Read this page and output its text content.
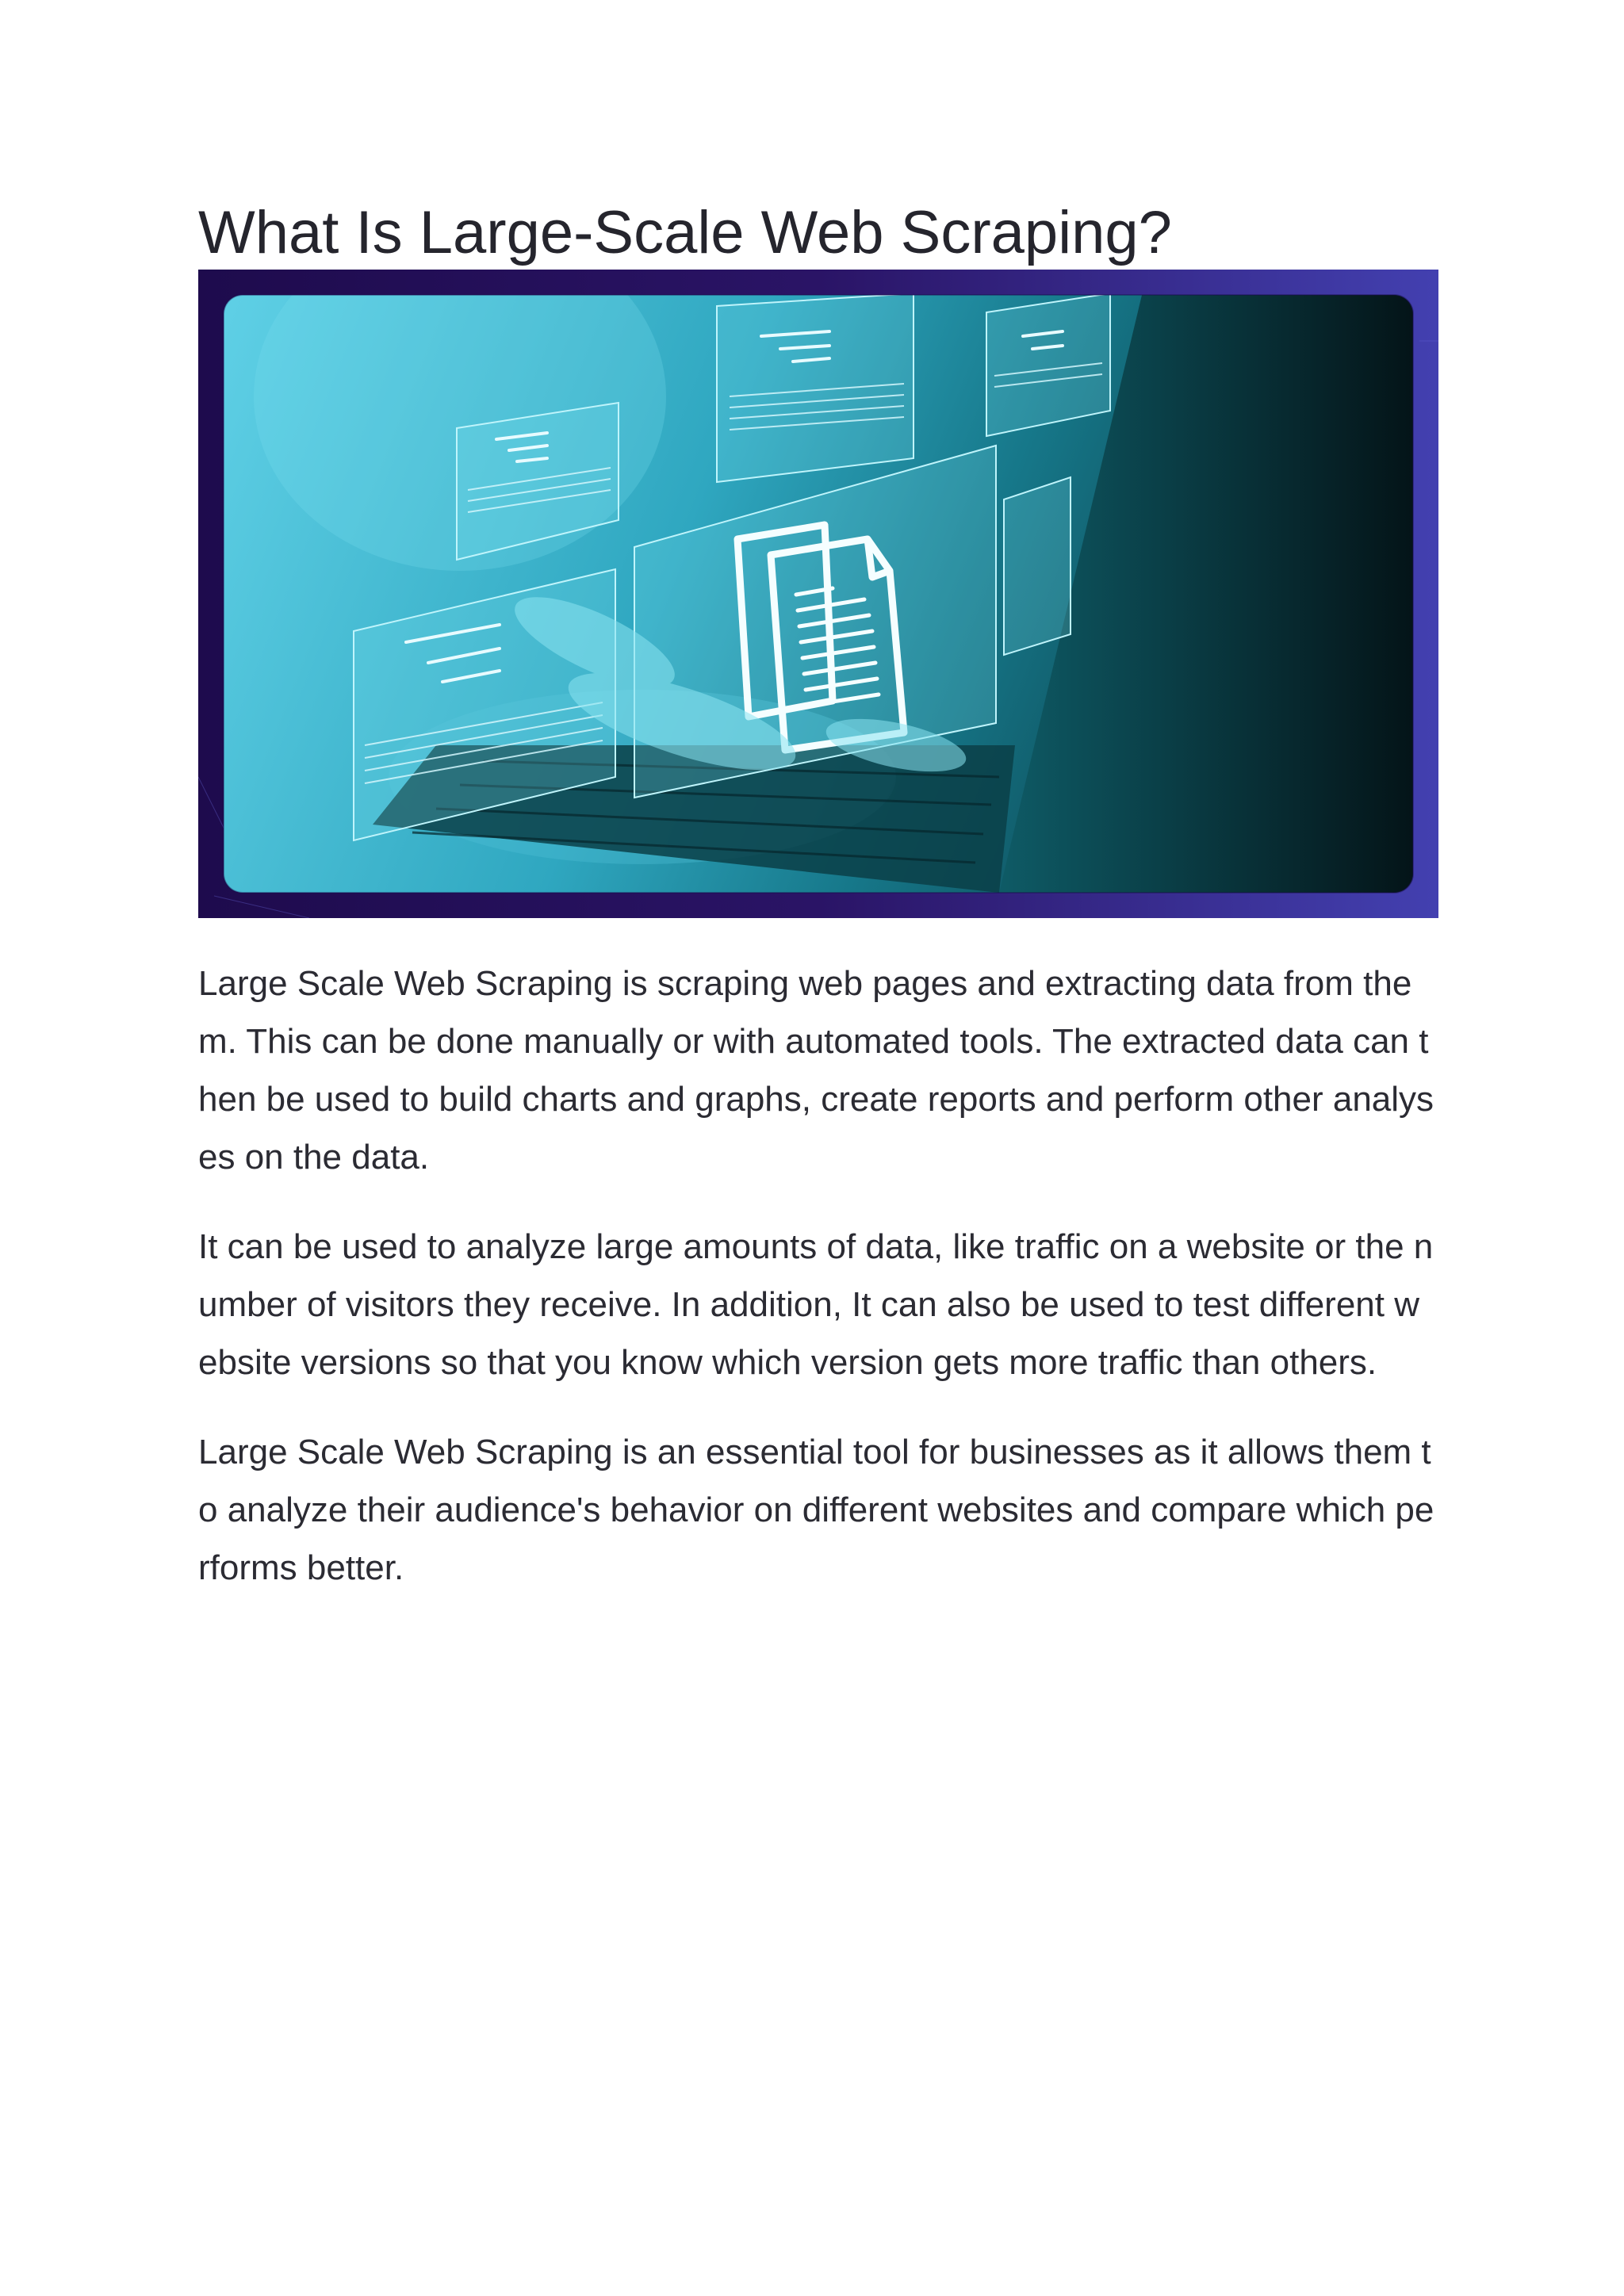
What Is Large-Scale Web Scraping?

Large Scale Web Scraping is scraping web pages and extracting data from them. This can be done manually or with automated tools. The extracted data can then be used to build charts and graphs, create reports and perform other analyses on the data.

It can be used to analyze large amounts of data, like traffic on a website or the number of visitors they receive. In addition, It can also be used to test different website versions so that you know which version gets more traffic than others.

Large Scale Web Scraping is an essential tool for businesses as it allows them to analyze their audience's behavior on different websites and compare which performs better.
